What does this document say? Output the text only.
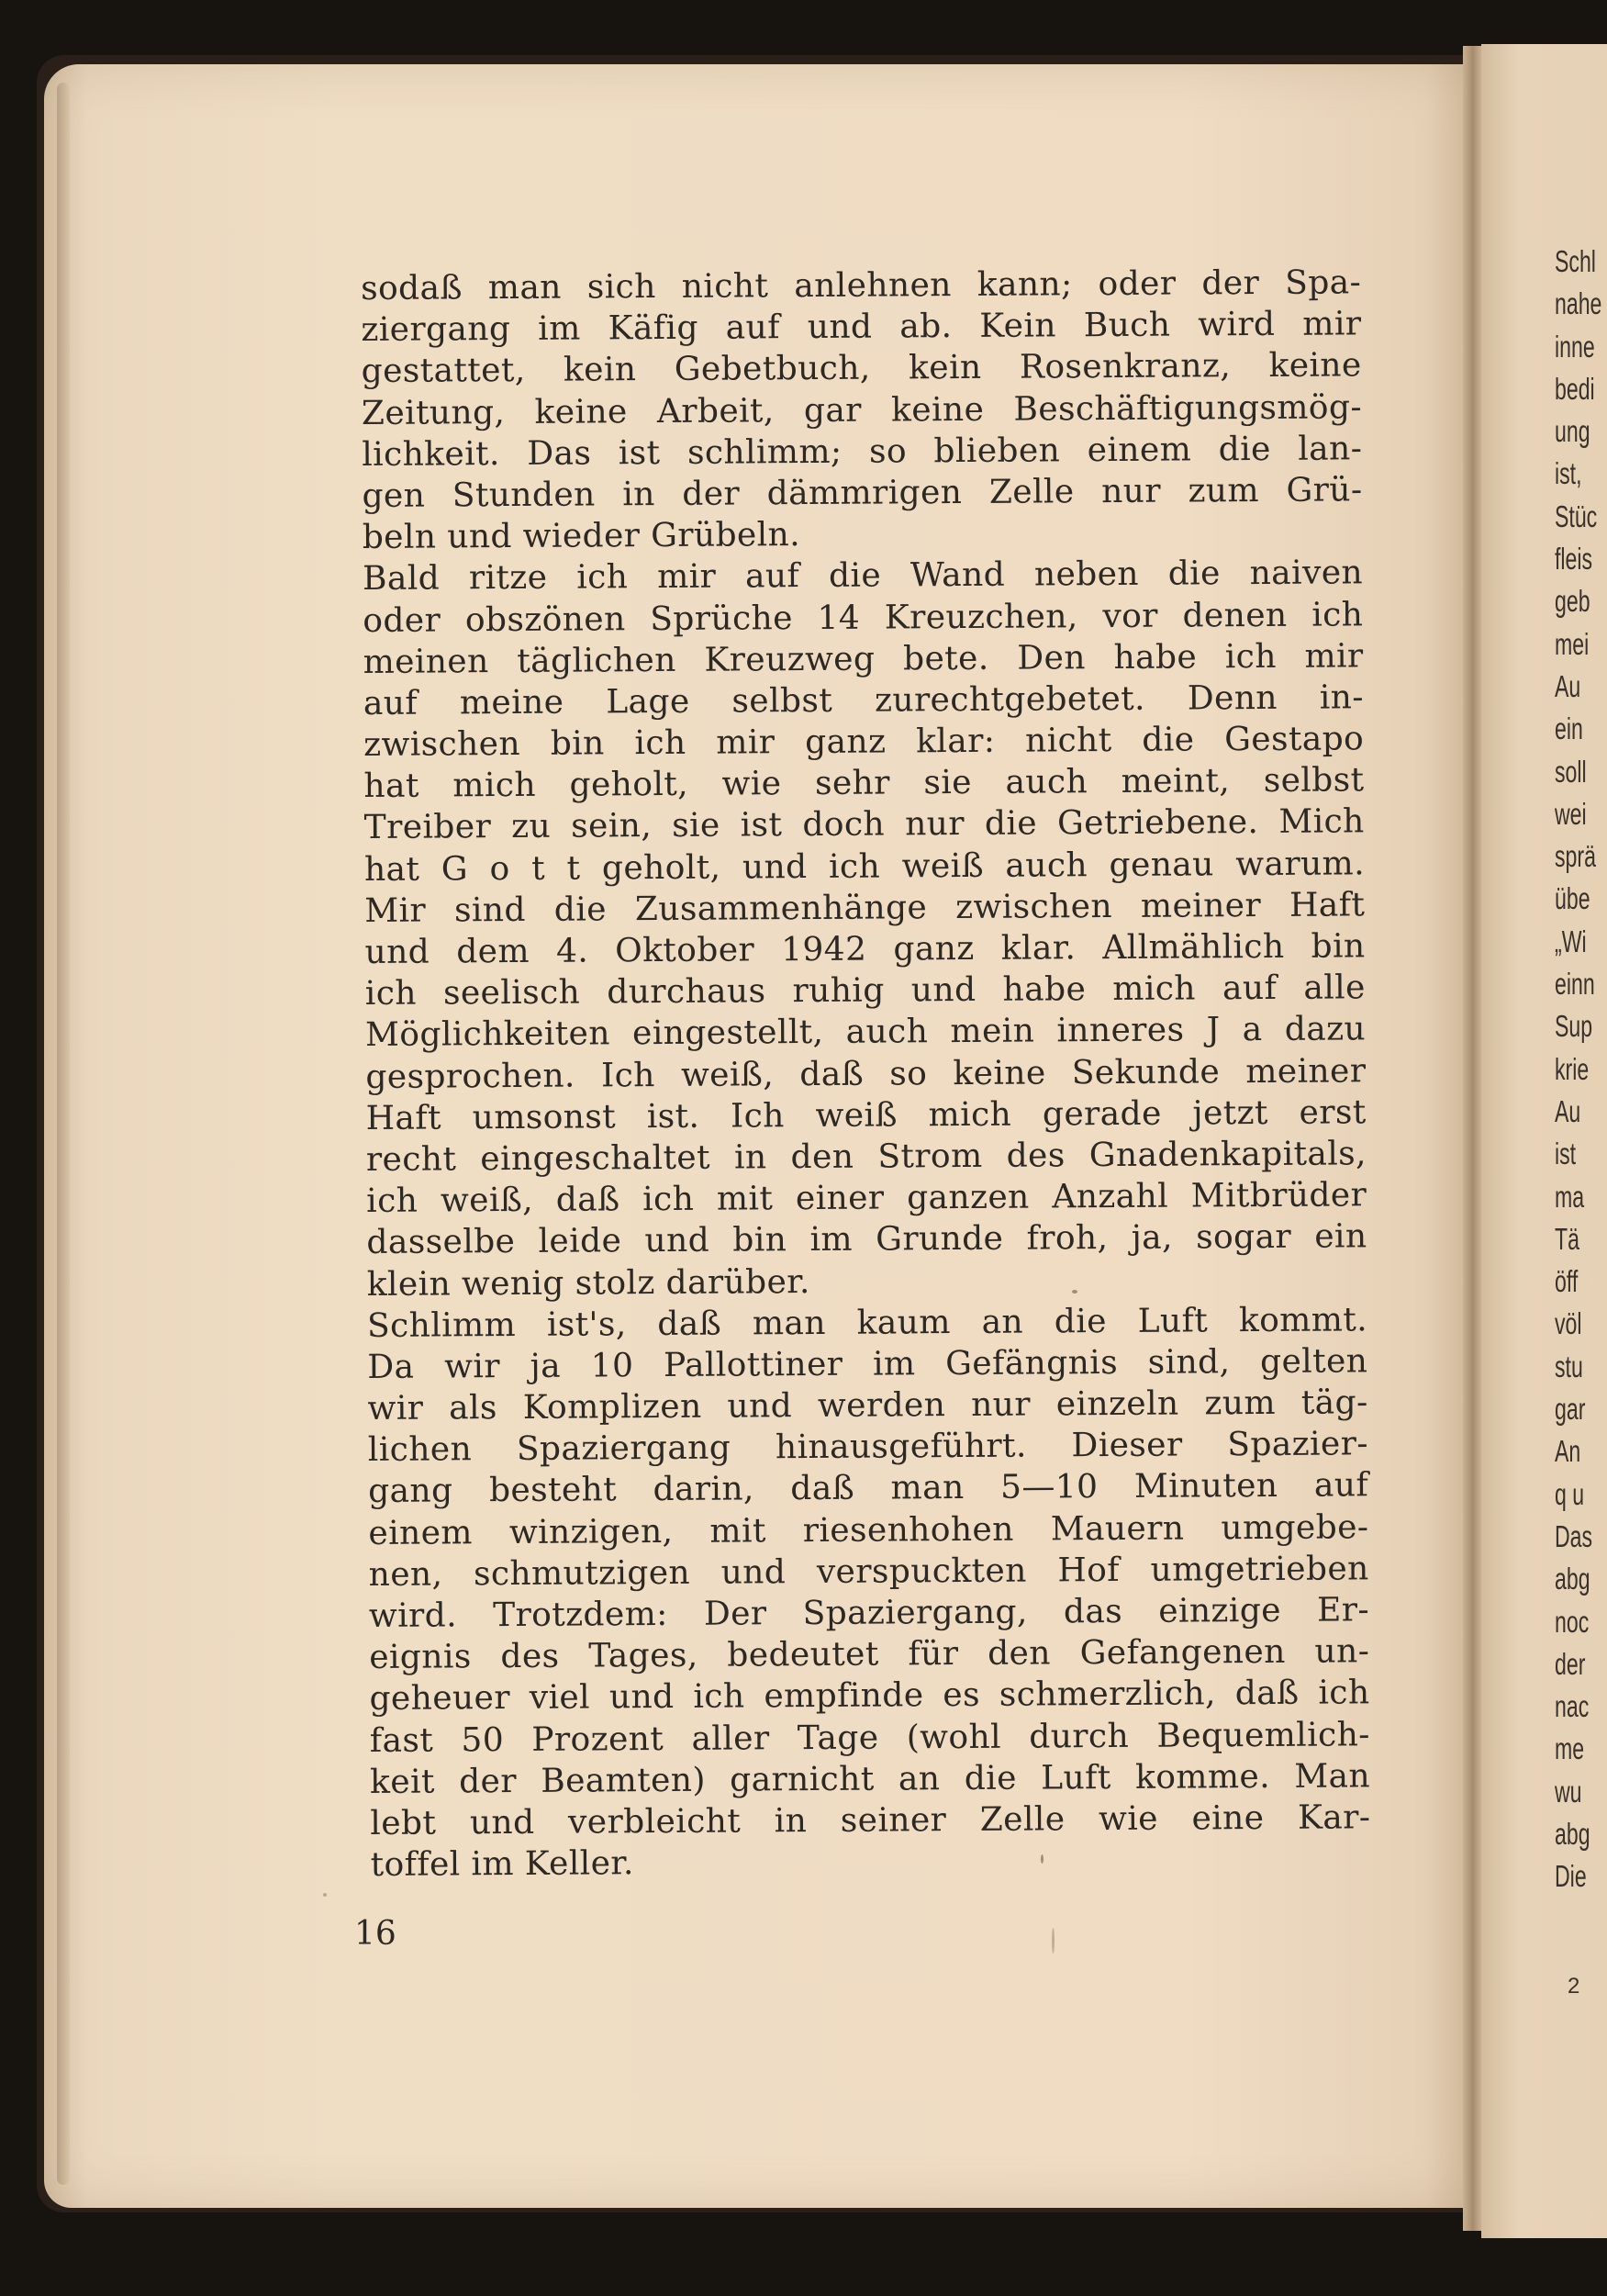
sodaß man sich nicht anlehnen kann; oder der Spa-
ziergang im Käfig auf und ab. Kein Buch wird mir
gestattet, kein Gebetbuch, kein Rosenkranz, keine
Zeitung, keine Arbeit, gar keine Beschäftigungsmög-
lichkeit. Das ist schlimm; so blieben einem die lan-
gen Stunden in der dämmrigen Zelle nur zum Grü-
beln und wieder Grübeln.
Bald ritze ich mir auf die Wand neben die naiven
oder obszönen Sprüche 14 Kreuzchen, vor denen ich
meinen täglichen Kreuzweg bete. Den habe ich mir
auf meine Lage selbst zurechtgebetet. Denn in-
zwischen bin ich mir ganz klar: nicht die Gestapo
hat mich geholt, wie sehr sie auch meint, selbst
Treiber zu sein, sie ist doch nur die Getriebene. Mich
hat G o t t geholt, und ich weiß auch genau warum.
Mir sind die Zusammenhänge zwischen meiner Haft
und dem 4. Oktober 1942 ganz klar. Allmählich bin
ich seelisch durchaus ruhig und habe mich auf alle
Möglichkeiten eingestellt, auch mein inneres J a dazu
gesprochen. Ich weiß, daß so keine Sekunde meiner
Haft umsonst ist. Ich weiß mich gerade jetzt erst
recht eingeschaltet in den Strom des Gnadenkapitals,
ich weiß, daß ich mit einer ganzen Anzahl Mitbrüder
dasselbe leide und bin im Grunde froh, ja, sogar ein
klein wenig stolz darüber.
Schlimm ist's, daß man kaum an die Luft kommt.
Da wir ja 10 Pallottiner im Gefängnis sind, gelten
wir als Komplizen und werden nur einzeln zum täg-
lichen Spaziergang hinausgeführt. Dieser Spazier-
gang besteht darin, daß man 5—10 Minuten auf
einem winzigen, mit riesenhohen Mauern umgebe-
nen, schmutzigen und verspuckten Hof umgetrieben
wird. Trotzdem: Der Spaziergang, das einzige Er-
eignis des Tages, bedeutet für den Gefangenen un-
geheuer viel und ich empfinde es schmerzlich, daß ich
fast 50 Prozent aller Tage (wohl durch Bequemlich-
keit der Beamten) garnicht an die Luft komme. Man
lebt und verbleicht in seiner Zelle wie eine Kar-
toffel im Keller.
16
Schl
nahe
inne
bedi
ung
ist,
Stüc
fleis
geb
mei
Au
ein
soll
wei
sprä
übe
„Wi
einn
Sup
krie
Au
ist
ma
Tä
öff
völ
stu
gar
An
q u
Das
abg
noc
der
nac
me
wu
abg
Die
2
